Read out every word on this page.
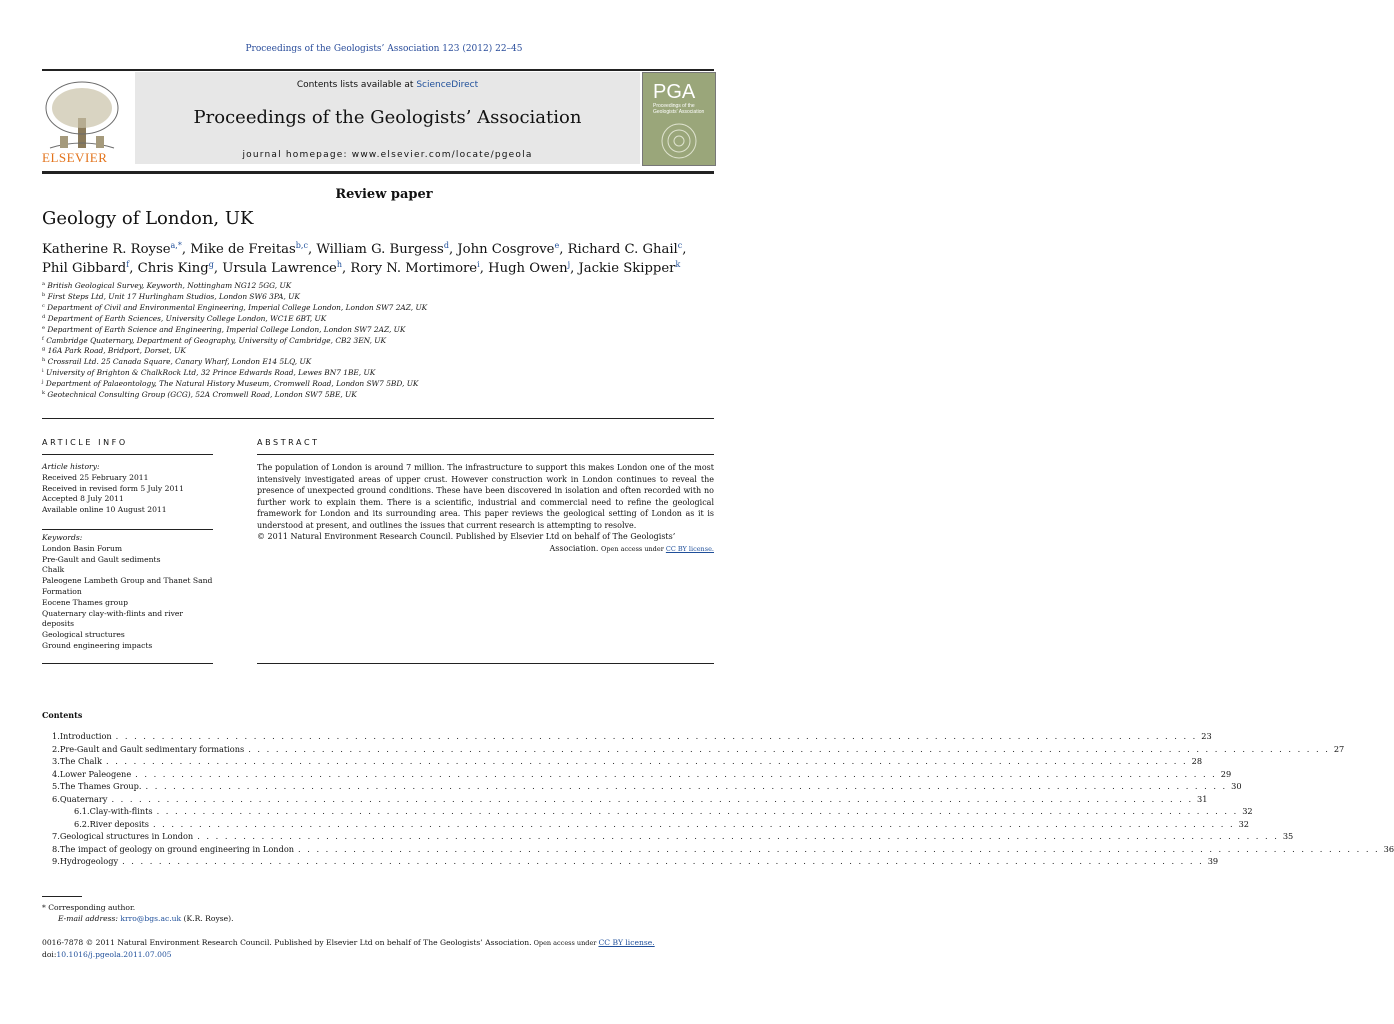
Proceedings of the Geologists’ Association 123 (2012) 22–45
ELSEVIER
Contents lists available at ScienceDirect
Proceedings of the Geologists’ Association
journal homepage: www.elsevier.com/locate/pgeola
PGA
Proceedings of the Geologists' Association
Review paper
Geology of London, UK
Katherine R. Royse$^{a,*}$, Mike de Freitas$^{b,c}$, William G. Burgess$^d$, John Cosgrove$^e$, Richard C. Ghail$^c$,
Phil Gibbard$^f$, Chris King$^g$, Ursula Lawrence$^h$, Rory N. Mortimore$^i$, Hugh Owen$^j$, Jackie Skipper$^k$
$^a$ British Geological Survey, Keyworth, Nottingham NG12 5GG, UK
$^b$ First Steps Ltd, Unit 17 Hurlingham Studios, London SW6 3PA, UK
$^c$ Department of Civil and Environmental Engineering, Imperial College London, London SW7 2AZ, UK
$^d$ Department of Earth Sciences, University College London, WC1E 6BT, UK
$^e$ Department of Earth Science and Engineering, Imperial College London, London SW7 2AZ, UK
$^f$ Cambridge Quaternary, Department of Geography, University of Cambridge, CB2 3EN, UK
$^g$ 16A Park Road, Bridport, Dorset, UK
$^h$ Crossrail Ltd. 25 Canada Square, Canary Wharf, London E14 5LQ, UK
$^i$ University of Brighton & ChalkRock Ltd, 32 Prince Edwards Road, Lewes BN7 1BE, UK
$^j$ Department of Palaeontology, The Natural History Museum, Cromwell Road, London SW7 5BD, UK
$^k$ Geotechnical Consulting Group (GCG), 52A Cromwell Road, London SW7 5BE, UK
ARTICLE INFO
Article history:
Received 25 February 2011
Received in revised form 5 July 2011
Accepted 8 July 2011
Available online 10 August 2011
Keywords:
London Basin Forum
Pre-Gault and Gault sediments
Chalk
Paleogene Lambeth Group and Thanet Sand
Formation
Eocene Thames group
Quaternary clay-with-flints and river
deposits
Geological structures
Ground engineering impacts
ABSTRACT
The population of London is around 7 million. The infrastructure to support this makes London one of the most intensively investigated areas of upper crust. However construction work in London continues to reveal the presence of unexpected ground conditions. These have been discovered in isolation and often recorded with no further work to explain them. There is a scientific, industrial and commercial need to refine the geological framework for London and its surrounding area. This paper reviews the geological setting of London as it is understood at present, and outlines the issues that current research is attempting to resolve.
© 2011 Natural Environment Research Council. Published by Elsevier Ltd on behalf of The Geologists’
Association. Open access under CC BY license.
Contents
1. Introduction . . . . . . . . . . . . . . . . . . . . . . . . . . . . . . . . . . . . . . . . . . . . . . . . . . . . . . . . . . . . . . . . . . . . . . . . . . . . . . . . . . . . . . . . . . . . . . . . . . . . . . . . . . . . . . . . . . . . . . 23
2. Pre-Gault and Gault sedimentary formations . . . . . . . . . . . . . . . . . . . . . . . . . . . . . . . . . . . . . . . . . . . . . . . . . . . . . . . . . . . . . . . . . . . . . . . . . . . . . . . . . . . . . . . . . . . . . . . . . . . . . . . . . . . . . . . . . . . . . . 27
3. The Chalk . . . . . . . . . . . . . . . . . . . . . . . . . . . . . . . . . . . . . . . . . . . . . . . . . . . . . . . . . . . . . . . . . . . . . . . . . . . . . . . . . . . . . . . . . . . . . . . . . . . . . . . . . . . . . . . . . . . . . . 28
4. Lower Paleogene . . . . . . . . . . . . . . . . . . . . . . . . . . . . . . . . . . . . . . . . . . . . . . . . . . . . . . . . . . . . . . . . . . . . . . . . . . . . . . . . . . . . . . . . . . . . . . . . . . . . . . . . . . . . . . . . . . . . . . 29
5. The Thames Group. . . . . . . . . . . . . . . . . . . . . . . . . . . . . . . . . . . . . . . . . . . . . . . . . . . . . . . . . . . . . . . . . . . . . . . . . . . . . . . . . . . . . . . . . . . . . . . . . . . . . . . . . . . . . . . . . . . . . . . 30
6. Quaternary . . . . . . . . . . . . . . . . . . . . . . . . . . . . . . . . . . . . . . . . . . . . . . . . . . . . . . . . . . . . . . . . . . . . . . . . . . . . . . . . . . . . . . . . . . . . . . . . . . . . . . . . . . . . . . . . . . . . . . 31
6.1. Clay-with-flints . . . . . . . . . . . . . . . . . . . . . . . . . . . . . . . . . . . . . . . . . . . . . . . . . . . . . . . . . . . . . . . . . . . . . . . . . . . . . . . . . . . . . . . . . . . . . . . . . . . . . . . . . . . . . . . . . . . . . . 32
6.2. River deposits . . . . . . . . . . . . . . . . . . . . . . . . . . . . . . . . . . . . . . . . . . . . . . . . . . . . . . . . . . . . . . . . . . . . . . . . . . . . . . . . . . . . . . . . . . . . . . . . . . . . . . . . . . . . . . . . . . . . . . 32
7. Geological structures in London . . . . . . . . . . . . . . . . . . . . . . . . . . . . . . . . . . . . . . . . . . . . . . . . . . . . . . . . . . . . . . . . . . . . . . . . . . . . . . . . . . . . . . . . . . . . . . . . . . . . . . . . . . . . . . . . . . . . . . 35
8. The impact of geology on ground engineering in London . . . . . . . . . . . . . . . . . . . . . . . . . . . . . . . . . . . . . . . . . . . . . . . . . . . . . . . . . . . . . . . . . . . . . . . . . . . . . . . . . . . . . . . . . . . . . . . . . . . . . . . . . . . . . . . . . . . . . . 36
9. Hydrogeology . . . . . . . . . . . . . . . . . . . . . . . . . . . . . . . . . . . . . . . . . . . . . . . . . . . . . . . . . . . . . . . . . . . . . . . . . . . . . . . . . . . . . . . . . . . . . . . . . . . . . . . . . . . . . . . . . . . . . . 39
* Corresponding author.
E-mail address: krro@bgs.ac.uk (K.R. Royse).
0016-7878 © 2011 Natural Environment Research Council. Published by Elsevier Ltd on behalf of The Geologists’ Association. Open access under CC BY license.
doi:10.1016/j.pgeola.2011.07.005
